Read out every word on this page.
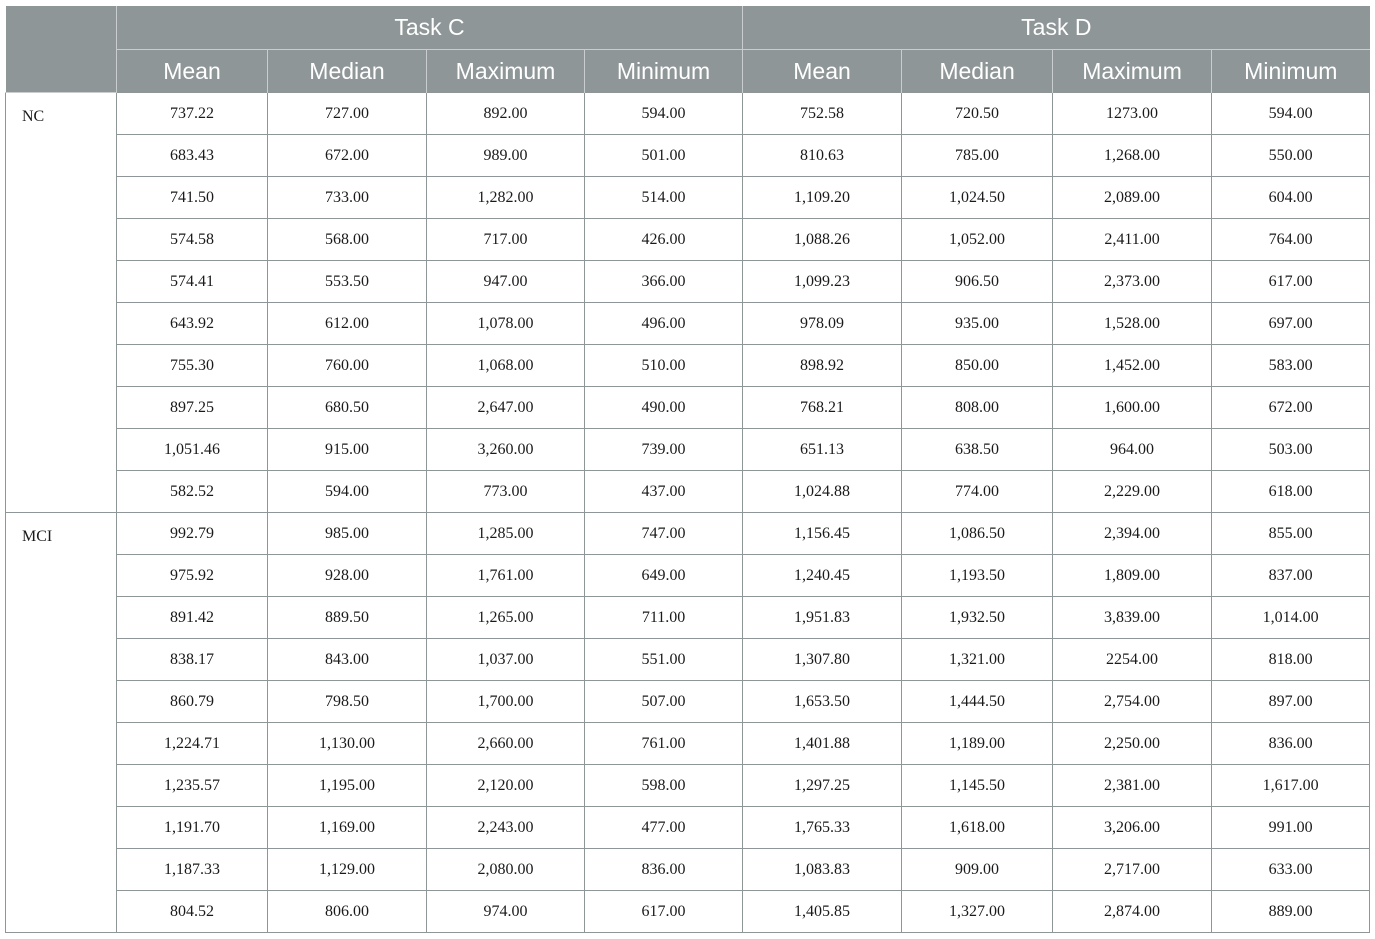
	Task C				Task D			
	Mean	Median	Maximum	Minimum	Mean	Median	Maximum	Minimum
NC	737.22	727.00	892.00	594.00	752.58	720.50	1273.00	594.00
	683.43	672.00	989.00	501.00	810.63	785.00	1,268.00	550.00
	741.50	733.00	1,282.00	514.00	1,109.20	1,024.50	2,089.00	604.00
	574.58	568.00	717.00	426.00	1,088.26	1,052.00	2,411.00	764.00
	574.41	553.50	947.00	366.00	1,099.23	906.50	2,373.00	617.00
	643.92	612.00	1,078.00	496.00	978.09	935.00	1,528.00	697.00
	755.30	760.00	1,068.00	510.00	898.92	850.00	1,452.00	583.00
	897.25	680.50	2,647.00	490.00	768.21	808.00	1,600.00	672.00
	1,051.46	915.00	3,260.00	739.00	651.13	638.50	964.00	503.00
	582.52	594.00	773.00	437.00	1,024.88	774.00	2,229.00	618.00
MCI	992.79	985.00	1,285.00	747.00	1,156.45	1,086.50	2,394.00	855.00
	975.92	928.00	1,761.00	649.00	1,240.45	1,193.50	1,809.00	837.00
	891.42	889.50	1,265.00	711.00	1,951.83	1,932.50	3,839.00	1,014.00
	838.17	843.00	1,037.00	551.00	1,307.80	1,321.00	2254.00	818.00
	860.79	798.50	1,700.00	507.00	1,653.50	1,444.50	2,754.00	897.00
	1,224.71	1,130.00	2,660.00	761.00	1,401.88	1,189.00	2,250.00	836.00
	1,235.57	1,195.00	2,120.00	598.00	1,297.25	1,145.50	2,381.00	1,617.00
	1,191.70	1,169.00	2,243.00	477.00	1,765.33	1,618.00	3,206.00	991.00
	1,187.33	1,129.00	2,080.00	836.00	1,083.83	909.00	2,717.00	633.00
	804.52	806.00	974.00	617.00	1,405.85	1,327.00	2,874.00	889.00
